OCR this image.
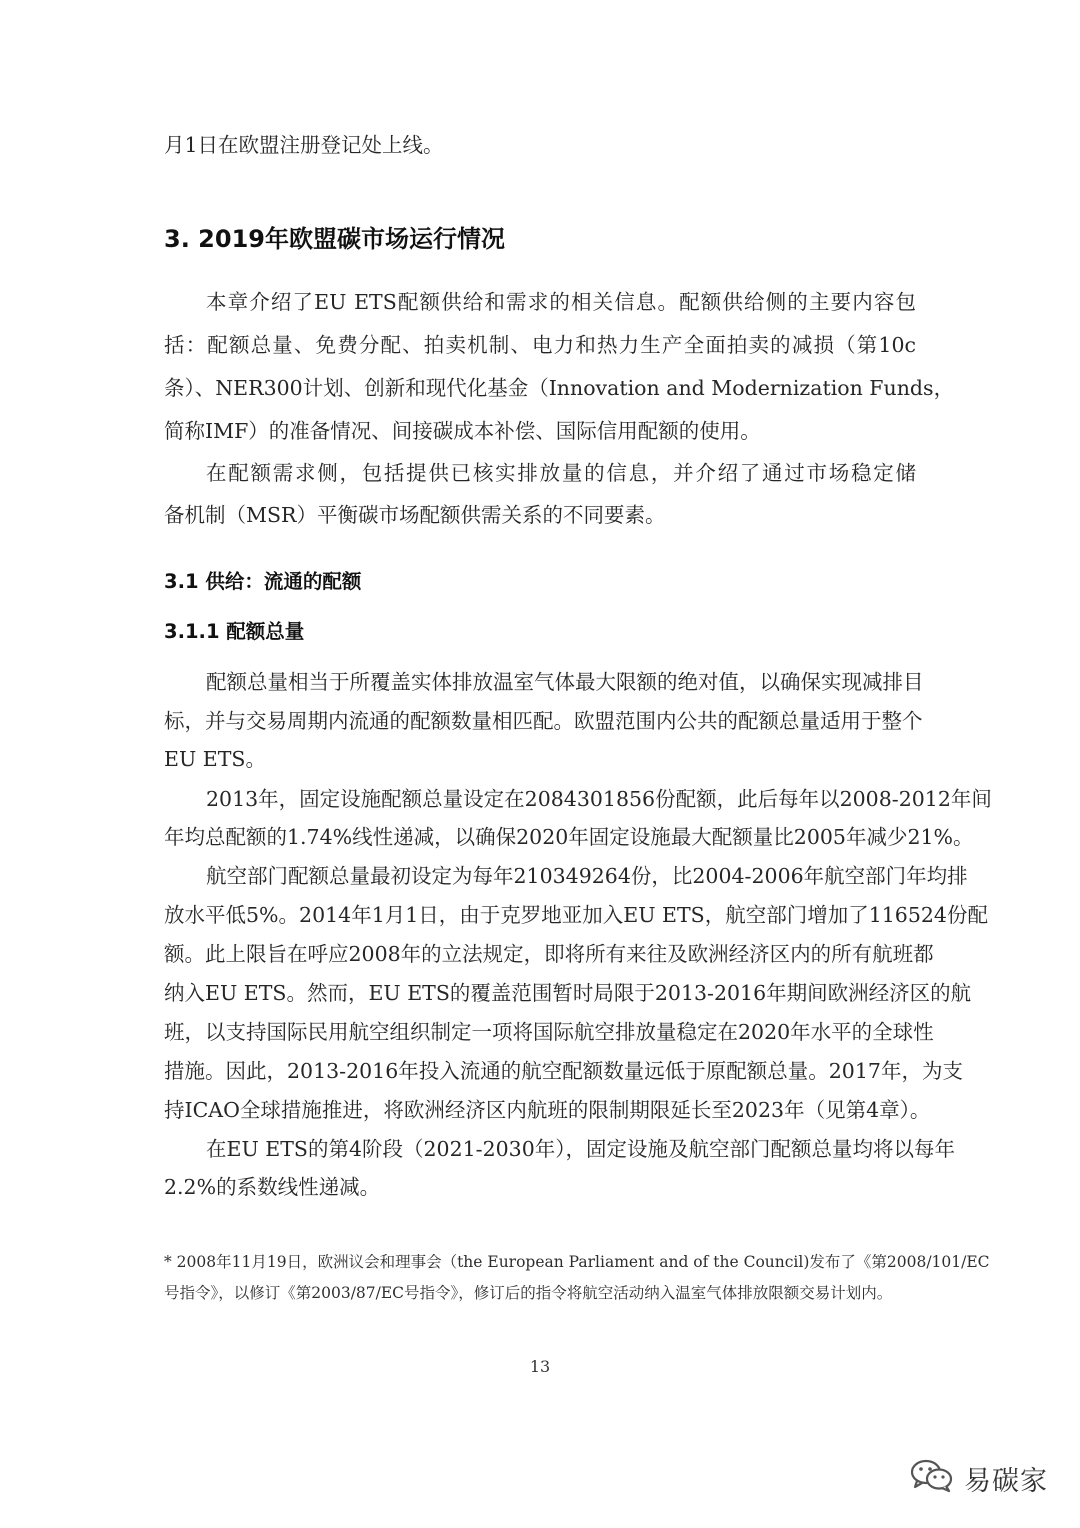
月1日在欧盟注册登记处上线。

3. 2019年欧盟碳市场运行情况

本章介绍了EU ETS配额供给和需求的相关信息。配额供给侧的主要内容包

括：配额总量、免费分配、拍卖机制、电力和热力生产全面拍卖的减损（第10c

条）、NER300计划、创新和现代化基金（Innovation and Modernization Funds，

简称IMF）的准备情况、间接碳成本补偿、国际信用配额的使用。

在配额需求侧，包括提供已核实排放量的信息，并介绍了通过市场稳定储

备机制（MSR）平衡碳市场配额供需关系的不同要素。

3.1 供给：流通的配额
3.1.1 配额总量

配额总量相当于所覆盖实体排放温室气体最大限额的绝对值，以确保实现减排目

标，并与交易周期内流通的配额数量相匹配。欧盟范围内公共的配额总量适用于整个

EU ETS。

2013年，固定设施配额总量设定在2084301856份配额，此后每年以2008-2012年间

年均总配额的1.74%线性递减，以确保2020年固定设施最大配额量比2005年减少21%。

航空部门配额总量最初设定为每年210349264份，比2004-2006年航空部门年均排

放水平低5%。2014年1月1日，由于克罗地亚加入EU ETS，航空部门增加了116524份配

额。此上限旨在呼应2008年的立法规定，即将所有来往及欧洲经济区内的所有航班都

纳入EU ETS。然而，EU ETS的覆盖范围暂时局限于2013-2016年期间欧洲经济区的航

班，以支持国际民用航空组织制定一项将国际航空排放量稳定在2020年水平的全球性

措施。因此，2013-2016年投入流通的航空配额数量远低于原配额总量。2017年，为支

持ICAO全球措施推进，将欧洲经济区内航班的限制期限延长至2023年（见第4章）。

在EU ETS的第4阶段（2021-2030年），固定设施及航空部门配额总量均将以每年

2.2%的系数线性递减。

* 2008年11月19日，欧洲议会和理事会（the European Parliament and of the Council)发布了《第2008/101/EC

号指令》，以修订《第2003/87/EC号指令》，修订后的指令将航空活动纳入温室气体排放限额交易计划内。

13
易碳家
